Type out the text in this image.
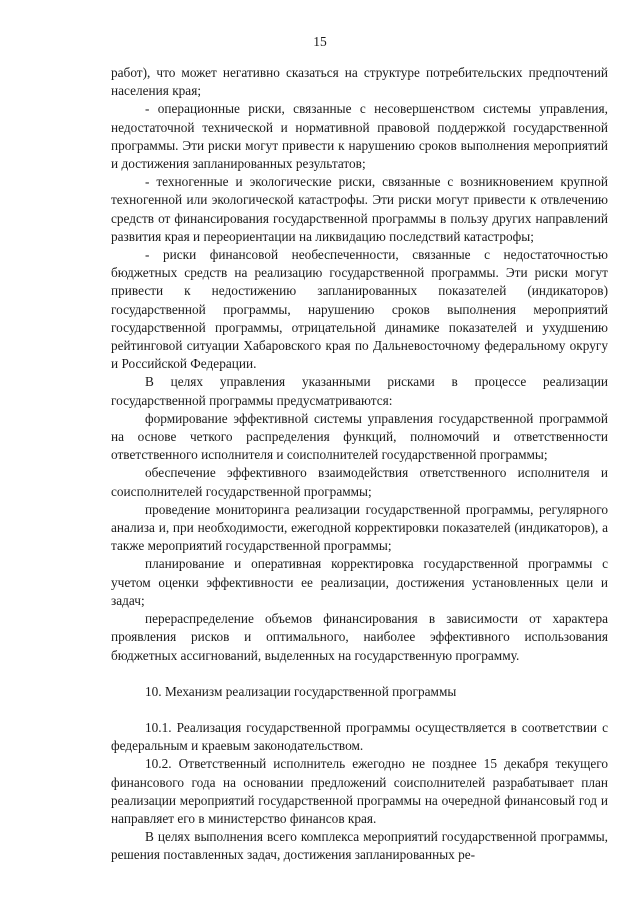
15

работ), что может негативно сказаться на структуре потребительских предпочтений населения края;

- операционные риски, связанные с несовершенством системы управления, недостаточной технической и нормативной правовой поддержкой государственной программы. Эти риски могут привести к нарушению сроков выполнения мероприятий и достижения запланированных результатов;

- техногенные и экологические риски, связанные с возникновением крупной техногенной или экологической катастрофы. Эти риски могут привести к отвлечению средств от финансирования государственной программы в пользу других направлений развития края и переориентации на ликвидацию последствий катастрофы;

- риски финансовой необеспеченности, связанные с недостаточностью бюджетных средств на реализацию государственной программы. Эти риски могут привести к недостижению запланированных показателей (индикаторов) государственной программы, нарушению сроков выполнения мероприятий государственной программы, отрицательной динамике показателей и ухудшению рейтинговой ситуации Хабаровского края по Дальневосточному федеральному округу и Российской Федерации.

В целях управления указанными рисками в процессе реализации государственной программы предусматриваются:

формирование эффективной системы управления государственной программой на основе четкого распределения функций, полномочий и ответственности ответственного исполнителя и соисполнителей государственной программы;

обеспечение эффективного взаимодействия ответственного исполнителя и соисполнителей государственной программы;

проведение мониторинга реализации государственной программы, регулярного анализа и, при необходимости, ежегодной корректировки показателей (индикаторов), а также мероприятий государственной программы;

планирование и оперативная корректировка государственной программы с учетом оценки эффективности ее реализации, достижения установленных цели и задач;

перераспределение объемов финансирования в зависимости от характера проявления рисков и оптимального, наиболее эффективного использования бюджетных ассигнований, выделенных на государственную программу.

10. Механизм реализации государственной программы

10.1. Реализация государственной программы осуществляется в соответствии с федеральным и краевым законодательством.

10.2. Ответственный исполнитель ежегодно не позднее 15 декабря текущего финансового года на основании предложений соисполнителей разрабатывает план реализации мероприятий государственной программы на очередной финансовый год и направляет его в министерство финансов края.

В целях выполнения всего комплекса мероприятий государственной программы, решения поставленных задач, достижения запланированных ре-
